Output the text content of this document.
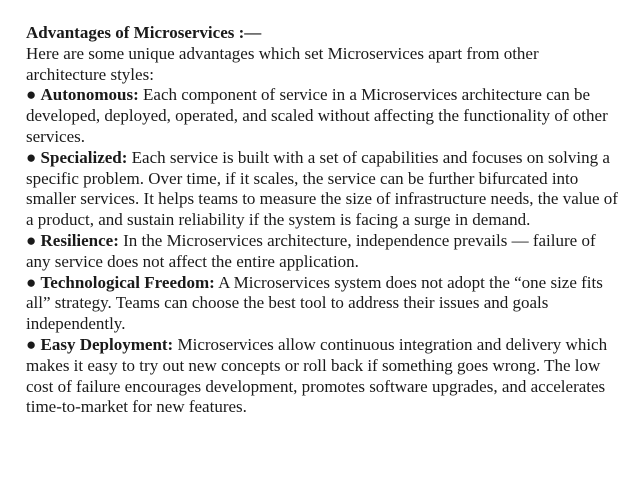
Advantages of Microservices :—

Here are some unique advantages which set Microservices apart from other architecture styles:

● Autonomous: Each component of service in a Microservices architecture can be developed, deployed, operated, and scaled without affecting the functionality of other services.

● Specialized: Each service is built with a set of capabilities and focuses on solving a specific problem. Over time, if it scales, the service can be further bifurcated into smaller services. It helps teams to measure the size of infrastructure needs, the value of a product, and sustain reliability if the system is facing a surge in demand.

● Resilience: In the Microservices architecture, independence prevails — failure of any service does not affect the entire application.

● Technological Freedom: A Microservices system does not adopt the “one size fits all” strategy. Teams can choose the best tool to address their issues and goals independently.

● Easy Deployment: Microservices allow continuous integration and delivery which makes it easy to try out new concepts or roll back if something goes wrong. The low cost of failure encourages development, promotes software upgrades, and accelerates time-to-market for new features.
